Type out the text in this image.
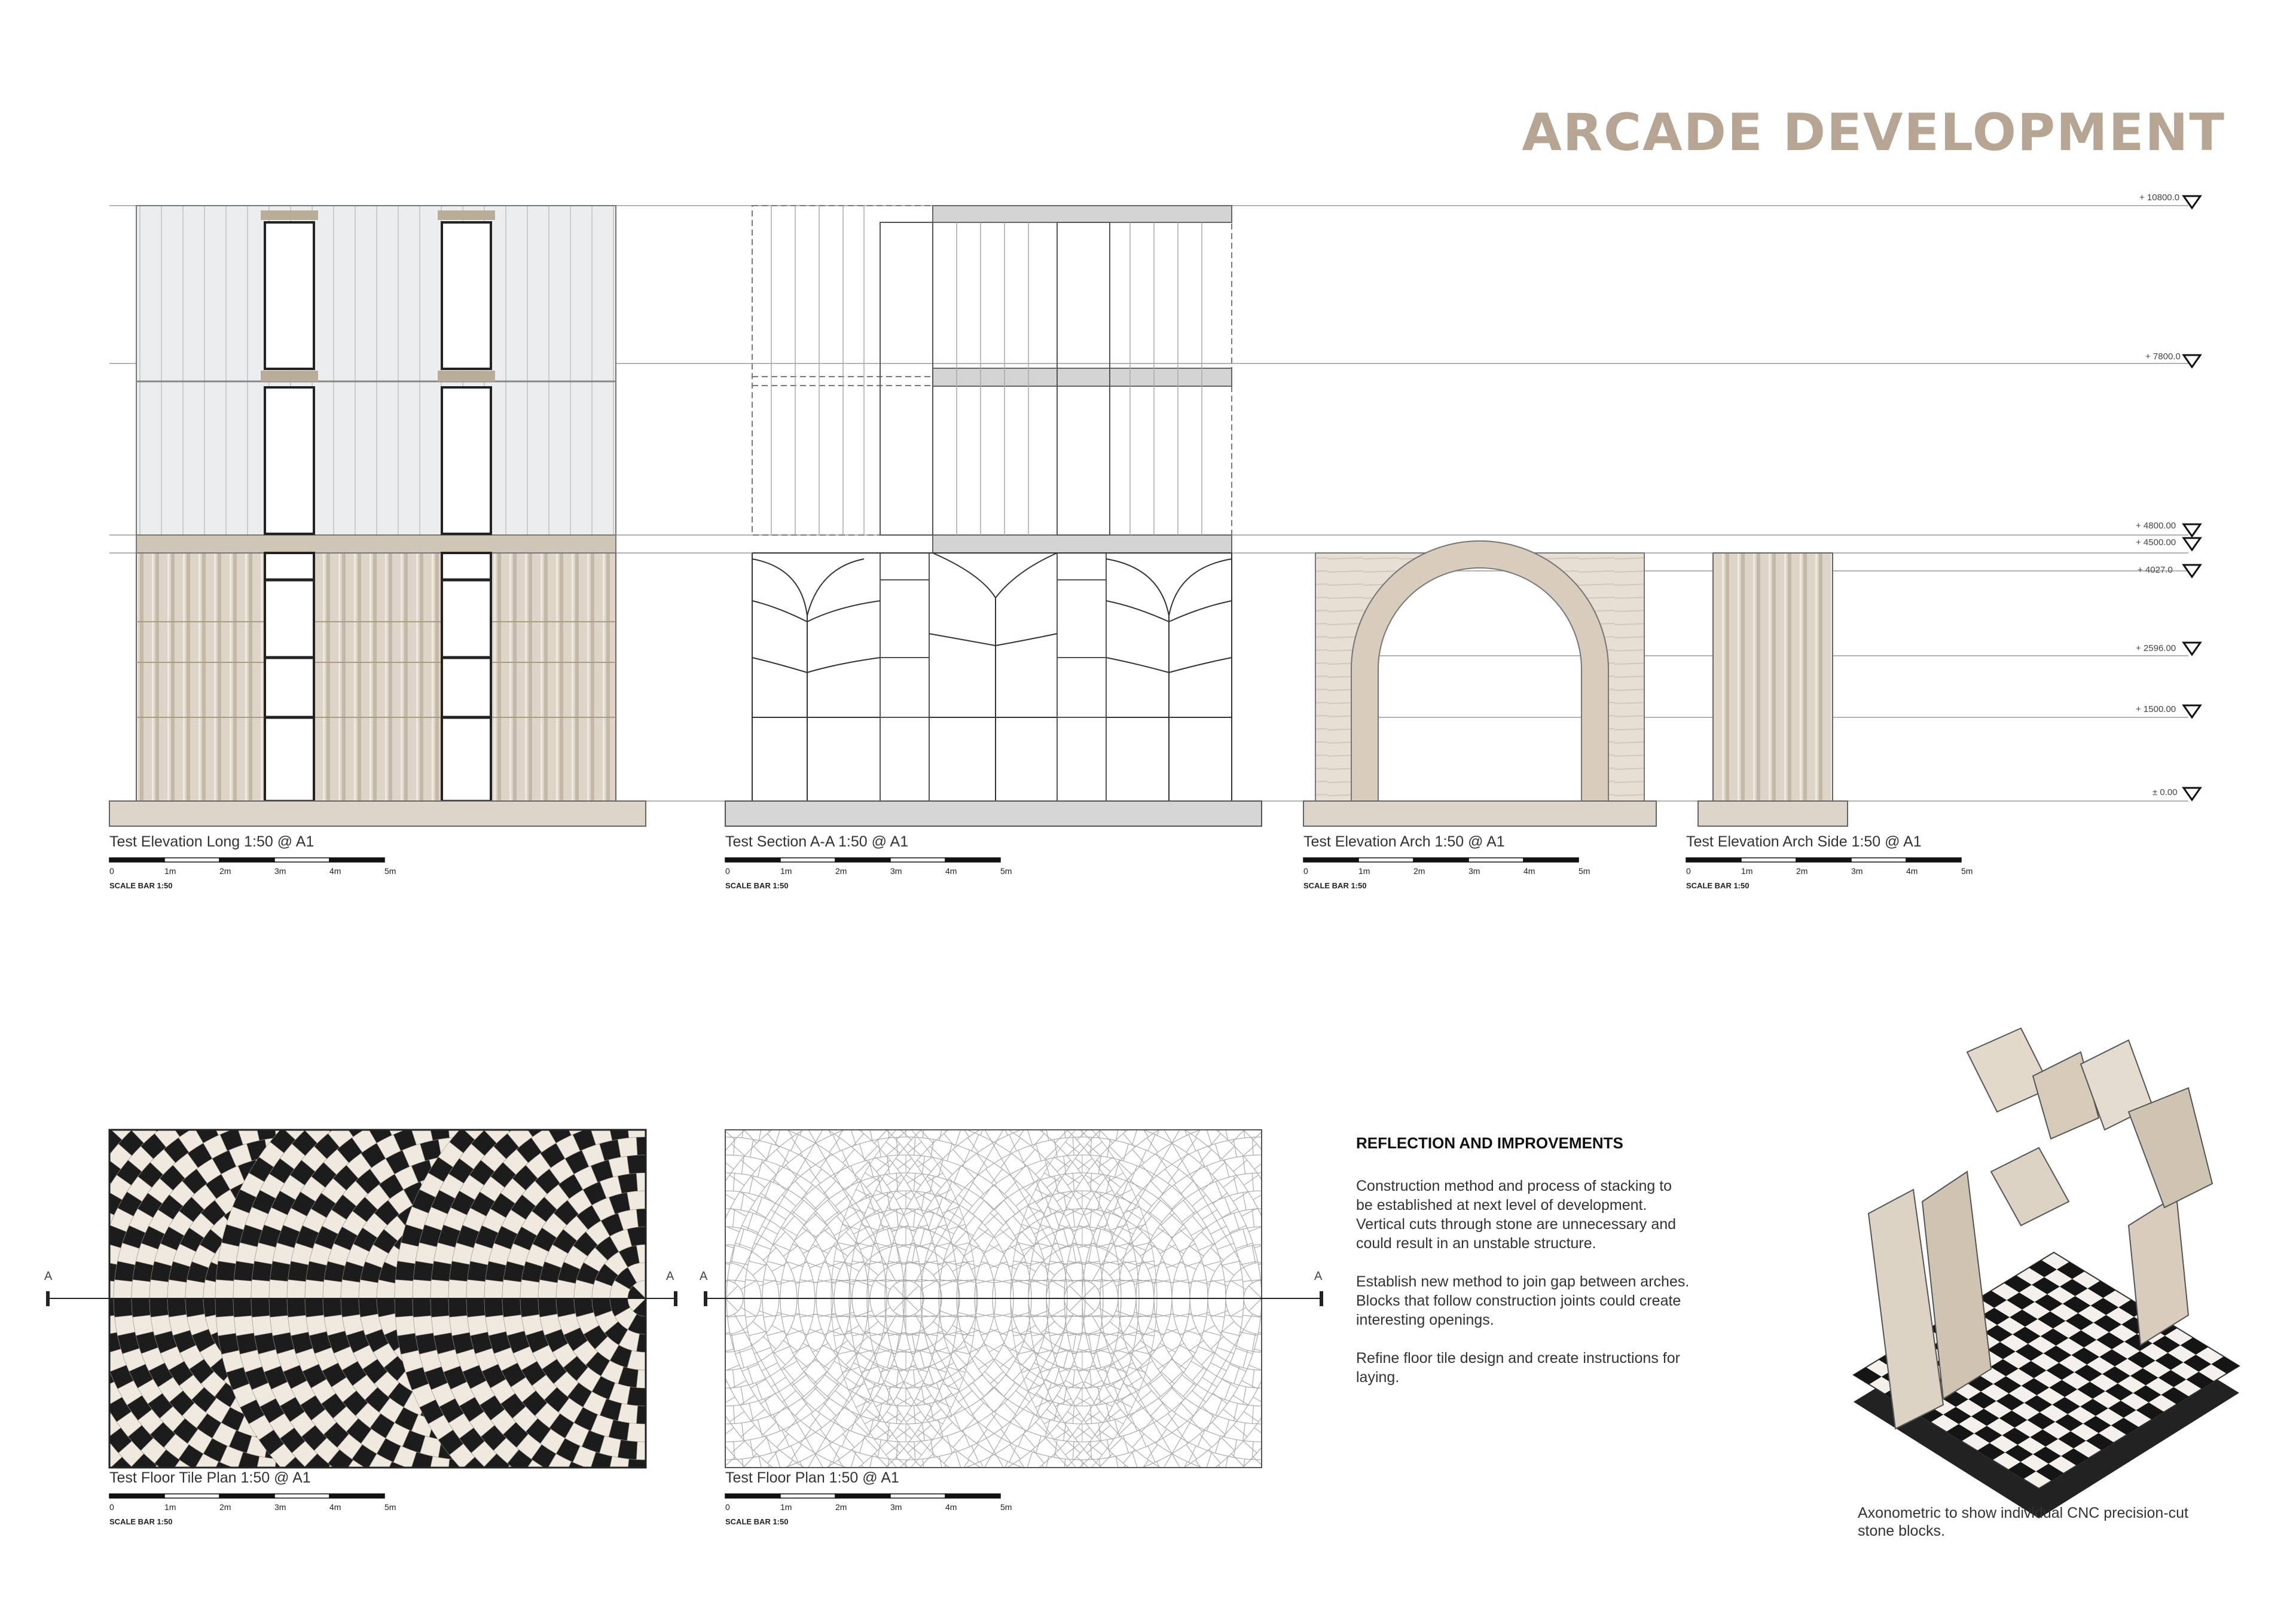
ARCADE DEVELOPMENT
+ 10800.0
+ 7800.0
+ 4800.00
+ 4500.00
+ 4027.0
+ 2596.00
+ 1500.00
± 0.00
Test Elevation Long 1:50 @ A1	Test Section A-A 1:50 @ A1	Test Elevation Arch 1:50 @ A1	Test Elevation Arch Side 1:50 @ A1
Test Floor Tile Plan 1:50 @ A1	Test Floor Plan 1:50 @ A1
A	A A	A
0	1m	2m	3m	4m	5m
SCALE BAR 1:50
0	1m	2m	3m	4m	5m
SCALE BAR 1:50
0	1m	2m	3m	4m	5m
SCALE BAR 1:50
0	1m	2m	3m	4m	5m
SCALE BAR 1:50
0	1m	2m	3m	4m	5m
SCALE BAR 1:50
0	1m	2m	3m	4m	5m
SCALE BAR 1:50
REFLECTION AND IMPROVEMENTS

Construction method and process of stacking to be established at next level of development. Vertical cuts through stone are unnecessary and could result in an unstable structure.

Establish new method to join gap between arches. Blocks that follow construction joints could create interesting openings.

Refine floor tile design and create instructions for laying.

Axonometric to show individual CNC precision-cut stone blocks.
